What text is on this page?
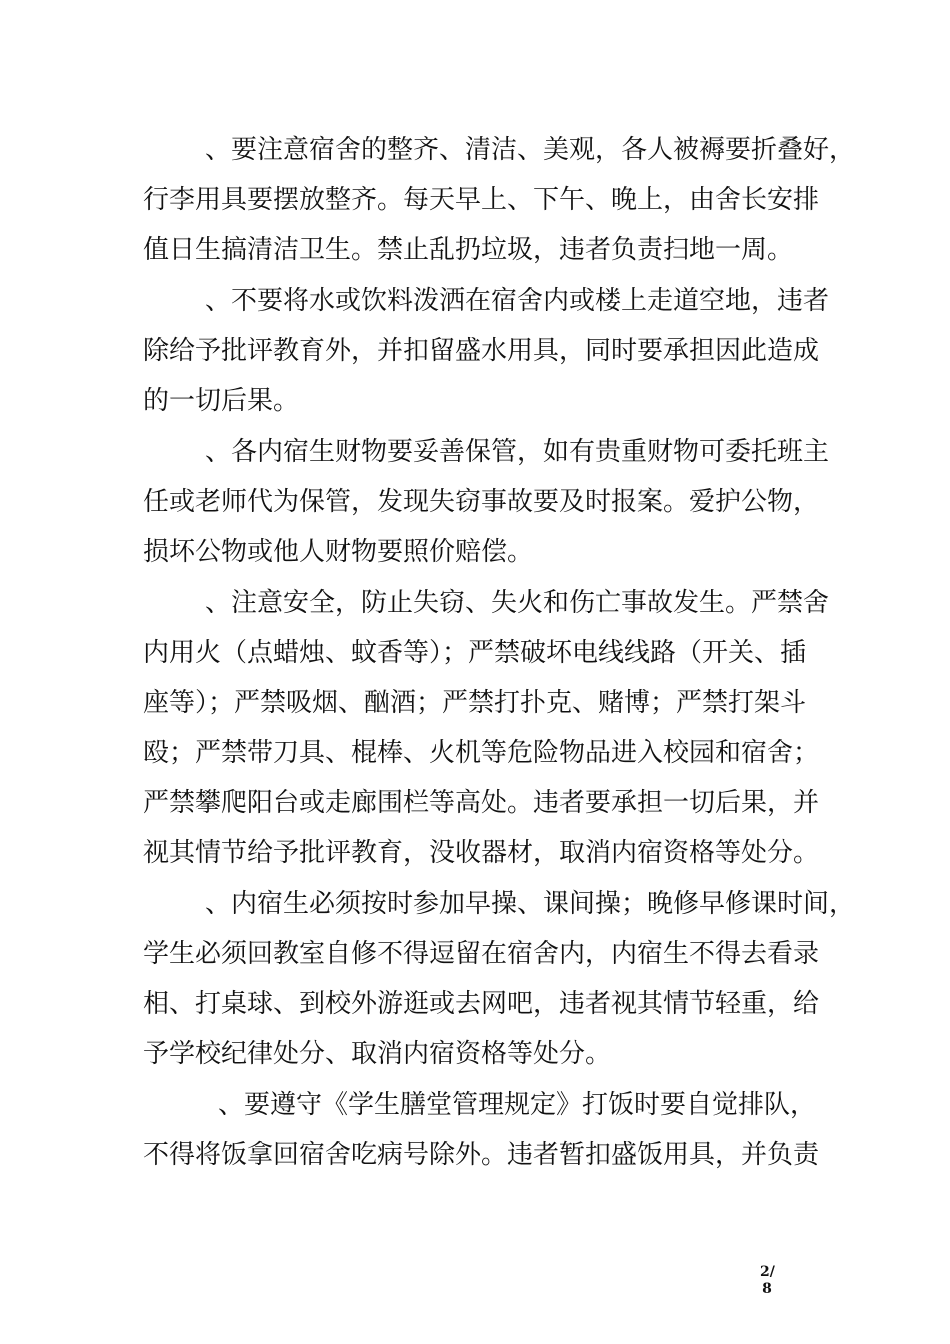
、要注意宿舍的整齐、清洁、美观，各人被褥要折叠好，
行李用具要摆放整齐。每天早上、下午、晚上，由舍长安排
值日生搞清洁卫生。禁止乱扔垃圾，违者负责扫地一周。
、不要将水或饮料泼洒在宿舍内或楼上走道空地，违者
除给予批评教育外，并扣留盛水用具，同时要承担因此造成
的一切后果。
、各内宿生财物要妥善保管，如有贵重财物可委托班主
任或老师代为保管，发现失窃事故要及时报案。爱护公物，
损坏公物或他人财物要照价赔偿。
、注意安全，防止失窃、失火和伤亡事故发生。严禁舍
内用火（点蜡烛、蚊香等）；严禁破坏电线线路（开关、插
座等）；严禁吸烟、酗酒；严禁打扑克、赌博；严禁打架斗
殴；严禁带刀具、棍棒、火机等危险物品进入校园和宿舍；
严禁攀爬阳台或走廊围栏等高处。违者要承担一切后果，并
视其情节给予批评教育，没收器材，取消内宿资格等处分。
、内宿生必须按时参加早操、课间操；晚修早修课时间，
学生必须回教室自修不得逗留在宿舍内，内宿生不得去看录
相、打桌球、到校外游逛或去网吧，违者视其情节轻重，给
予学校纪律处分、取消内宿资格等处分。
、要遵守《学生膳堂管理规定》打饭时要自觉排队，
不得将饭拿回宿舍吃病号除外。违者暂扣盛饭用具，并负责
2/
8
